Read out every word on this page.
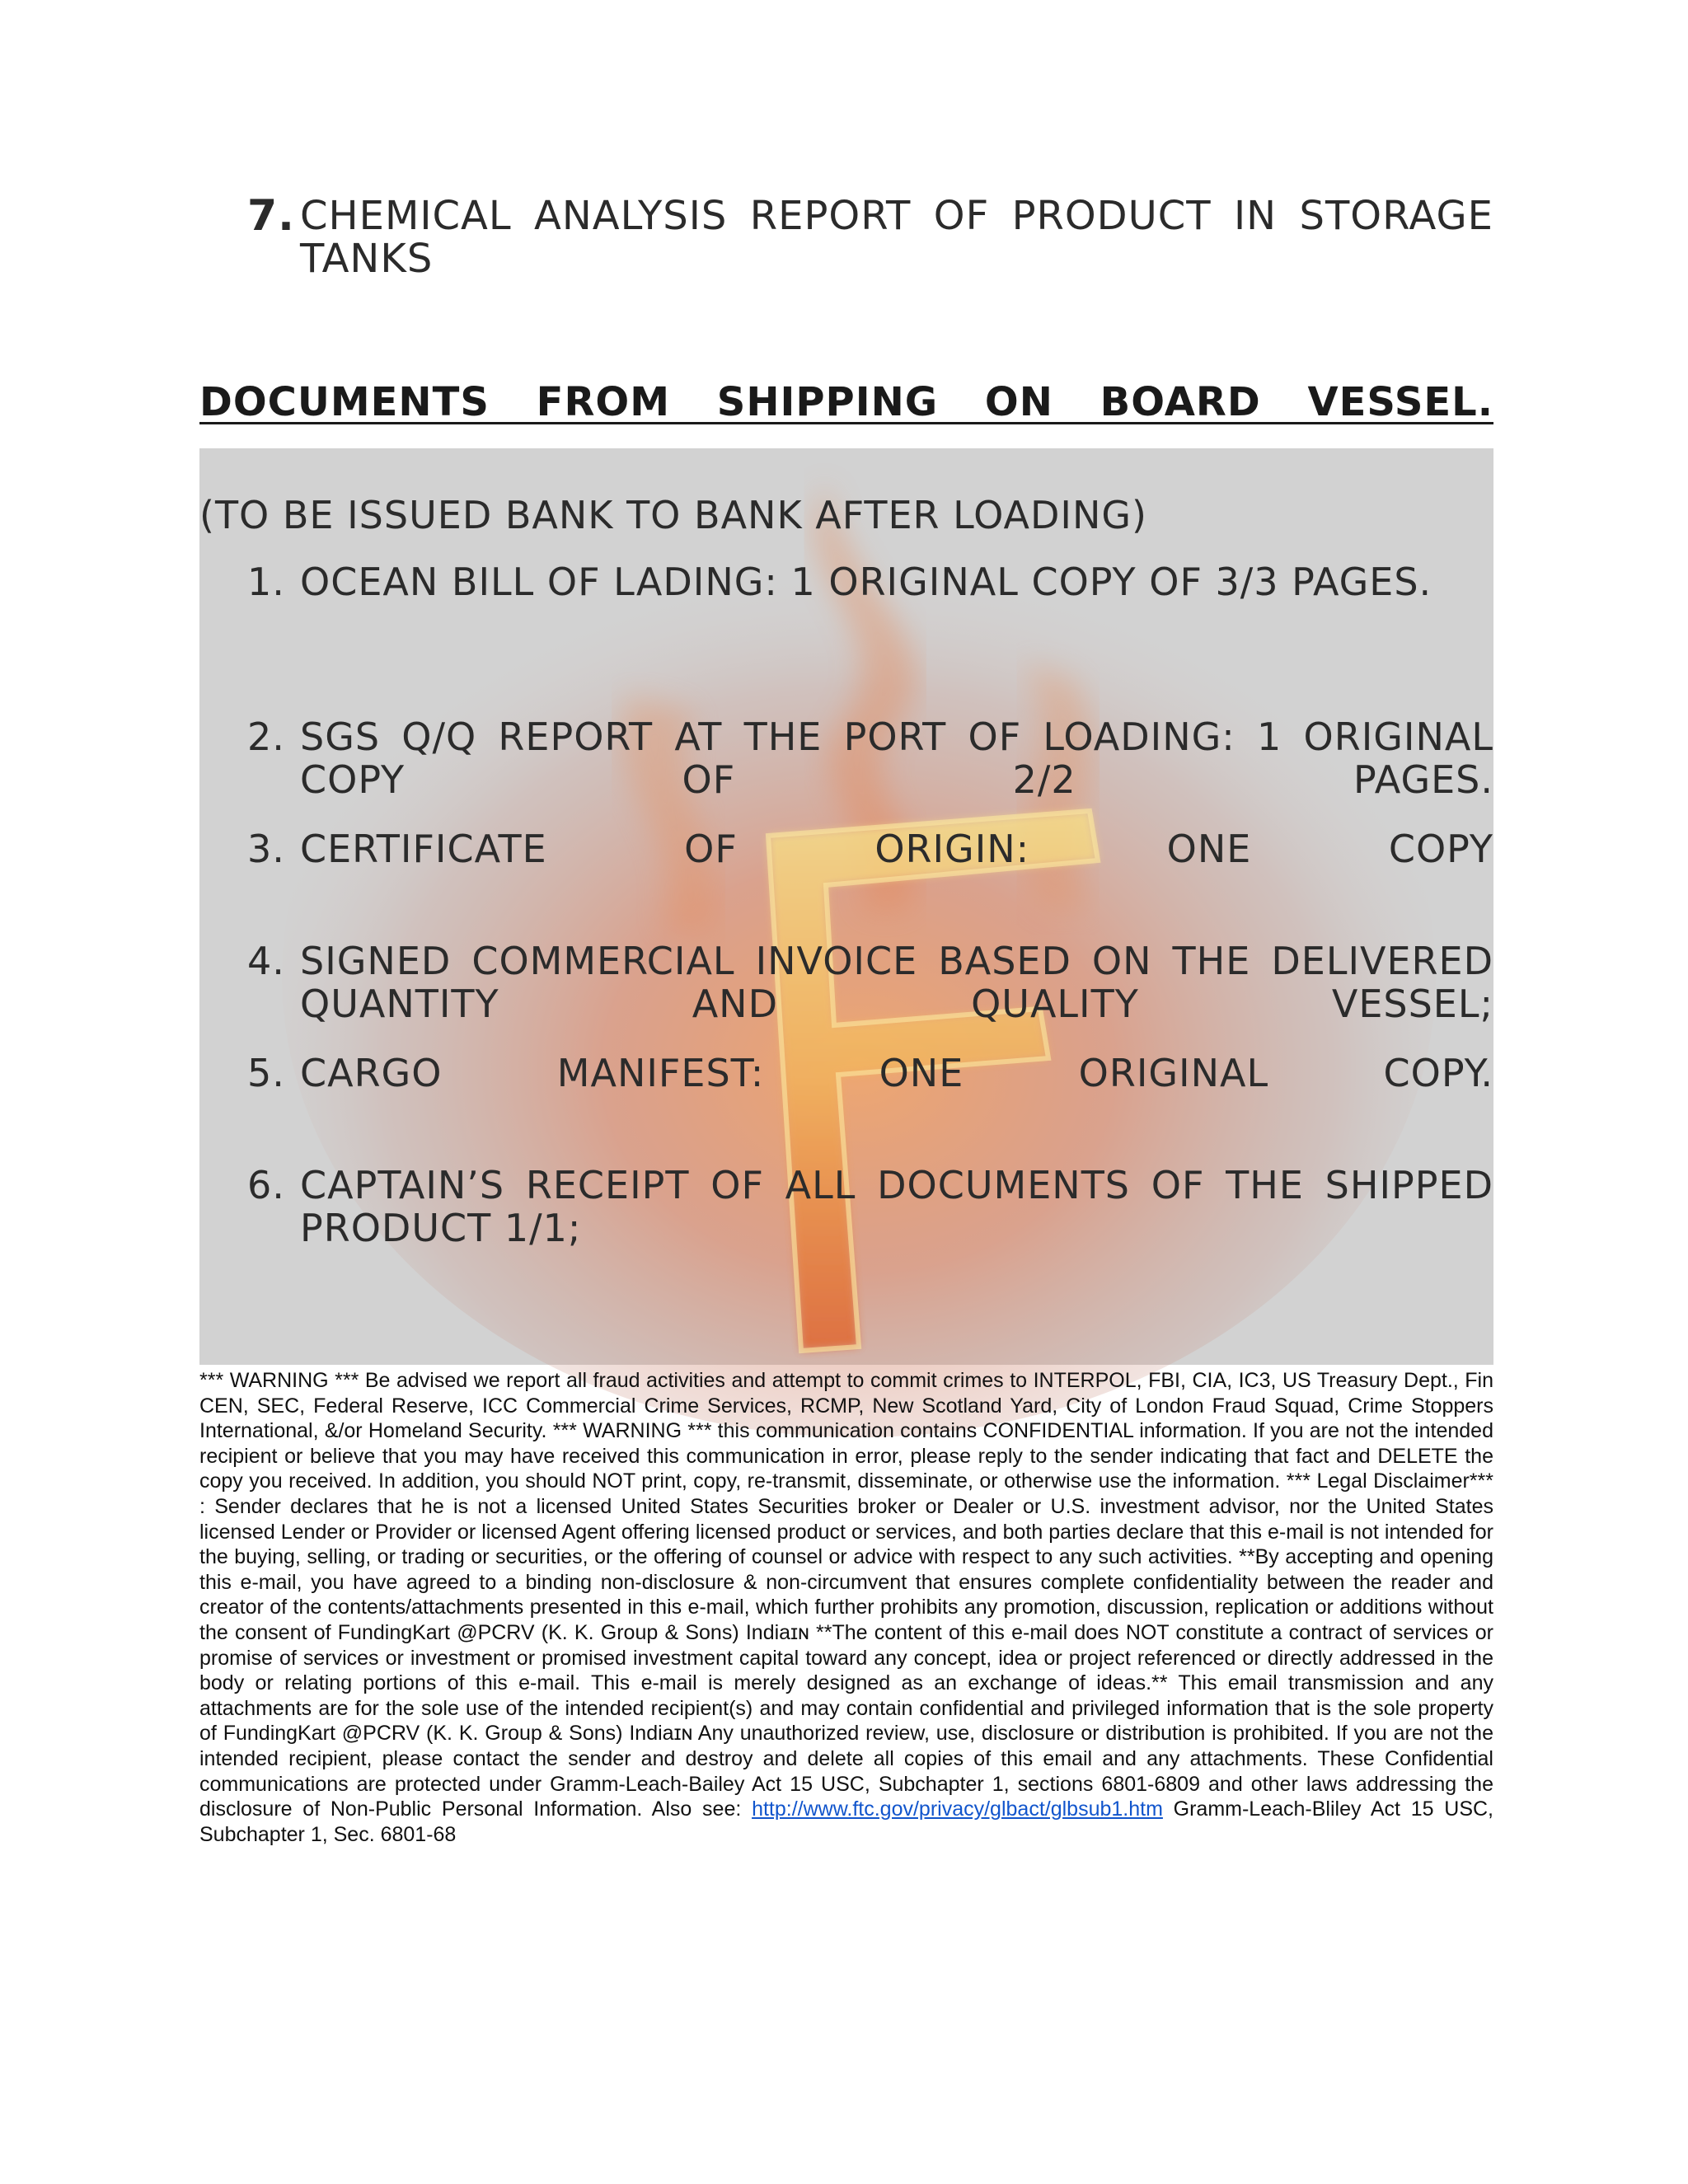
7. CHEMICAL ANALYSIS REPORT OF PRODUCT IN STORAGE TANKS
DOCUMENTS FROM SHIPPING ON BOARD VESSEL.
F
(TO BE ISSUED BANK TO BANK AFTER LOADING)
1. OCEAN BILL OF LADING: 1 ORIGINAL COPY OF 3/3 PAGES.
2. SGS Q/Q REPORT AT THE PORT OF LOADING: 1 ORIGINAL COPY OF 2/2 PAGES.
3. CERTIFICATE OF ORIGIN: ONE COPY
4. SIGNED COMMERCIAL INVOICE BASED ON THE DELIVERED QUANTITY AND QUALITY VESSEL;
5. CARGO MANIFEST: ONE ORIGINAL COPY.
6. CAPTAIN’S RECEIPT OF ALL DOCUMENTS OF THE SHIPPED PRODUCT 1/1;
*** WARNING *** Be advised we report all fraud activities and attempt to commit crimes to INTERPOL, FBI, CIA, IC3, US Treasury Dept., Fin CEN, SEC, Federal Reserve, ICC Commercial Crime Services, RCMP, New Scotland Yard, City of London Fraud Squad, Crime Stoppers International, &/or Homeland Security. *** WARNING *** this communication contains CONFIDENTIAL information. If you are not the intended recipient or believe that you may have received this communication in error, please reply to the sender indicating that fact and DELETE the copy you received. In addition, you should NOT print, copy, re-transmit, disseminate, or otherwise use the information. *** Legal Disclaimer*** : Sender declares that he is not a licensed United States Securities broker or Dealer or U.S. investment advisor, nor the United States licensed Lender or Provider or licensed Agent offering licensed product or services, and both parties declare that this e-mail is not intended for the buying, selling, or trading or securities, or the offering of counsel or advice with respect to any such activities. **By accepting and opening this e-mail, you have agreed to a binding non-disclosure & non-circumvent that ensures complete confidentiality between the reader and creator of the contents/attachments presented in this e-mail, which further prohibits any promotion, discussion, replication or additions without the consent of FundingKart @PCRV (K. K. Group & Sons) Indiaɪɴ **The content of this e-mail does NOT constitute a contract of services or promise of services or investment or promised investment capital toward any concept, idea or project referenced or directly addressed in the body or relating portions of this e-mail. This e-mail is merely designed as an exchange of ideas.** This email transmission and any attachments are for the sole use of the intended recipient(s) and may contain confidential and privileged information that is the sole property of FundingKart @PCRV (K. K. Group & Sons) Indiaɪɴ Any unauthorized review, use, disclosure or distribution is prohibited. If you are not the intended recipient, please contact the sender and destroy and delete all copies of this email and any attachments. These Confidential communications are protected under Gramm-Leach-Bailey Act 15 USC, Subchapter 1, sections 6801-6809 and other laws addressing the disclosure of Non-Public Personal Information. Also see: http://www.ftc.gov/privacy/glbact/glbsub1.htm Gramm-Leach-Bliley Act 15 USC, Subchapter 1, Sec. 6801-68
